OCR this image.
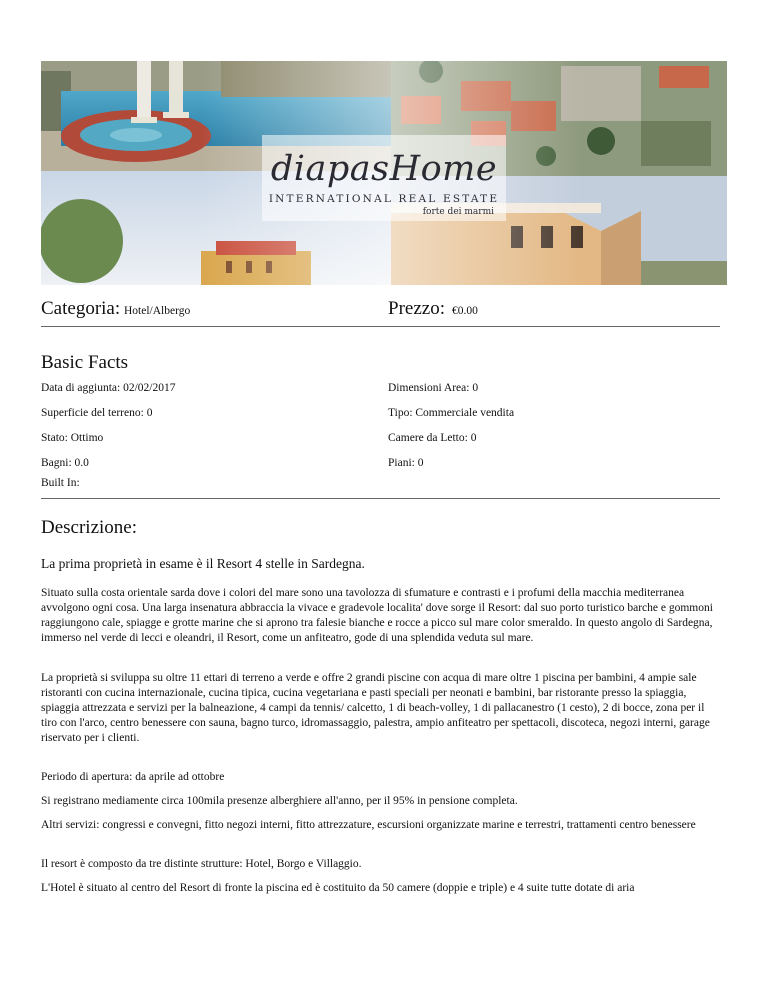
diapasHome
INTERNATIONAL REAL ESTATE
forte dei marmi
Categoria: Hotel/Albergo	Prezzo: €0.00
Basic Facts
Data di aggiunta: 02/02/2017	Dimensioni Area: 0
Superficie del terreno: 0	Tipo: Commerciale vendita
Stato: Ottimo	Camere da Letto: 0
Bagni: 0.0	Piani: 0
Built In:
Descrizione:
La prima proprietà in esame è il Resort 4 stelle in Sardegna.
Situato sulla costa orientale sarda dove i colori del mare sono una tavolozza di sfumature e contrasti e i profumi della macchia mediterranea avvolgono ogni cosa. Una larga insenatura abbraccia la vivace e gradevole localita' dove sorge il Resort: dal suo porto turistico barche e gommoni raggiungono cale, spiagge e grotte marine che si aprono tra falesie bianche e rocce a picco sul mare color smeraldo. In questo angolo di Sardegna, immerso nel verde di lecci e oleandri, il Resort, come un anfiteatro, gode di una splendida veduta sul mare.
La proprietà si sviluppa su oltre 11 ettari di terreno a verde e offre 2 grandi piscine con acqua di mare oltre 1 piscina per bambini, 4 ampie sale ristoranti con cucina internazionale, cucina tipica, cucina vegetariana e pasti speciali per neonati e bambini, bar ristorante presso la spiaggia, spiaggia attrezzata e servizi per la balneazione, 4 campi da tennis/ calcetto, 1 di beach-volley, 1 di pallacanestro (1 cesto), 2 di bocce, zona per il tiro con l'arco, centro benessere con sauna, bagno turco, idromassaggio, palestra, ampio anfiteatro per spettacoli, discoteca, negozi interni, garage riservato per i clienti.
Periodo di apertura: da aprile ad ottobre
Si registrano mediamente circa 100mila presenze alberghiere all'anno, per il 95% in pensione completa.
Altri servizi: congressi e convegni, fitto negozi interni, fitto attrezzature, escursioni organizzate marine e terrestri, trattamenti centro benessere
Il resort è composto da tre distinte strutture: Hotel, Borgo e Villaggio.
L'Hotel è situato al centro del Resort di fronte la piscina ed è costituito da 50 camere (doppie e triple) e 4 suite tutte dotate di aria
